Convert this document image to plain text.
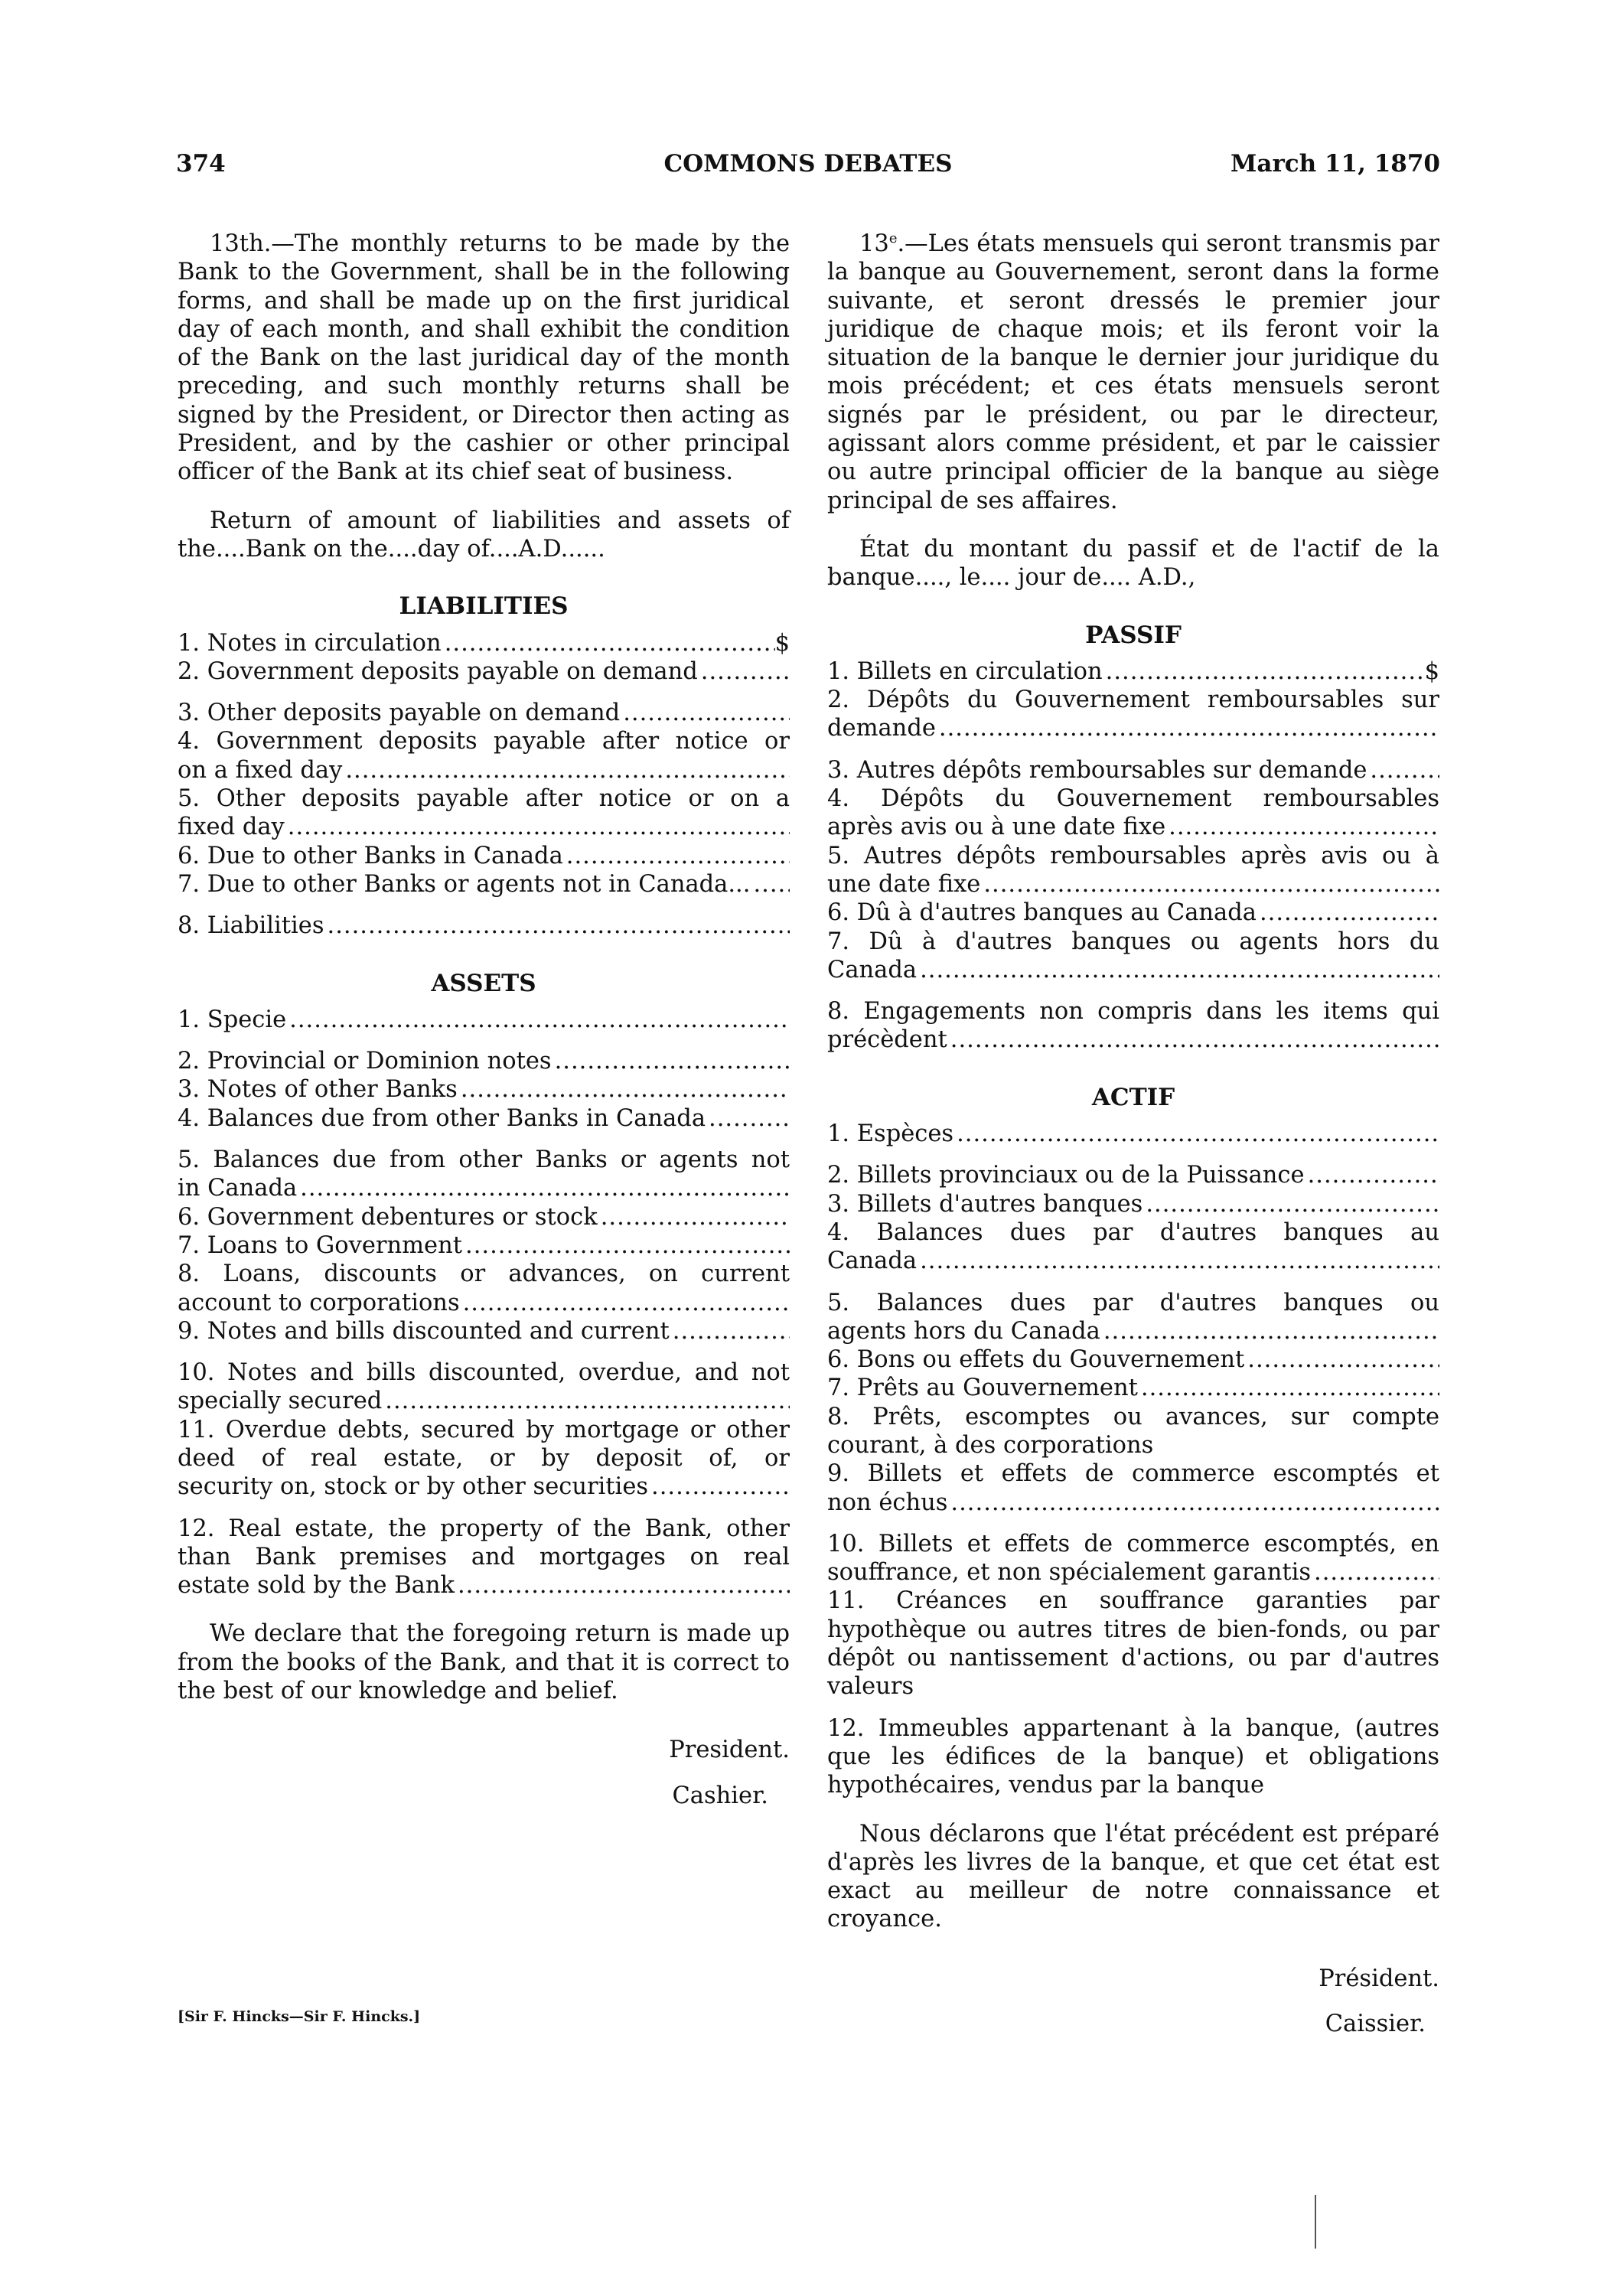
374	COMMONS DEBATES	March 11, 1870

13th.—The monthly returns to be made by the Bank to the Government, shall be in the following forms, and shall be made up on the first juridical day of each month, and shall exhibit the condition of the Bank on the last juridical day of the month preceding, and such monthly returns shall be signed by the President, or Director then acting as President, and by the cashier or other principal officer of the Bank at its chief seat of business.

Return of amount of liabilities and assets of the....Bank on the....day of....A.D......

LIABILITIES
1. Notes in circulation .....	$
2. Government deposits payable on demand
.....
3. Other deposits payable on demand
.....
4. Government deposits payable after notice or
on a fixed day
.....
5. Other deposits payable after notice or on a
fixed day
.....
6. Due to other Banks in Canada
.....
7. Due to other Banks or agents not in Canada...
.....
8. Liabilities
.....
ASSETS
1. Specie
.....
2. Provincial or Dominion notes
.....
3. Notes of other Banks
.....
4. Balances due from other Banks in Canada
.....
5. Balances due from other Banks or agents not
in Canada
.....
6. Government debentures or stock
.....
7. Loans to Government
.....
8. Loans, discounts or advances, on current
account to corporations
.....
9. Notes and bills discounted and current
.....
10. Notes and bills discounted, overdue, and not
specially secured
.....
11. Overdue debts, secured by mortgage or other deed of real estate, or by deposit of, or
security on, stock or by other securities
.....
12. Real estate, the property of the Bank, other than Bank premises and mortgages on real
estate sold by the Bank
.....

We declare that the foregoing return is made up from the books of the Bank, and that it is correct to the best of our knowledge and belief.

President.
Cashier.

13e.—Les états mensuels qui seront transmis par la banque au Gouvernement, seront dans la forme suivante, et seront dressés le premier jour juridique de chaque mois; et ils feront voir la situation de la banque le dernier jour juridique du mois précédent; et ces états mensuels seront signés par le président, ou par le directeur, agissant alors comme président, et par le caissier ou autre principal officier de la banque au siège principal de ses affaires.

État du montant du passif et de l'actif de la banque...., le.... jour de.... A.D.,

PASSIF
1. Billets en circulation .....	$
2. Dépôts du Gouvernement remboursables sur
demande
.....
3. Autres dépôts remboursables sur demande
.....
4. Dépôts du Gouvernement remboursables
après avis ou à une date fixe
.....
5. Autres dépôts remboursables après avis ou à
une date fixe
.....
6. Dû à d'autres banques au Canada
.....
7. Dû à d'autres banques ou agents hors du
Canada
.....
8. Engagements non compris dans les items qui
précèdent
.....
ACTIF
1. Espèces
.....
2. Billets provinciaux ou de la Puissance
.....
3. Billets d'autres banques
.....
4. Balances dues par d'autres banques au
Canada
.....
5. Balances dues par d'autres banques ou
agents hors du Canada
.....
6. Bons ou effets du Gouvernement
.....
7. Prêts au Gouvernement
.....
8. Prêts, escomptes ou avances, sur compte courant, à des corporations
9. Billets et effets de commerce escomptés et
non échus
.....
10. Billets et effets de commerce escomptés, en
souffrance, et non spécialement garantis
.....
11. Créances en souffrance garanties par hypothèque ou autres titres de bien-fonds, ou par dépôt ou nantissement d'actions, ou par d'autres valeurs
12. Immeubles appartenant à la banque, (autres que les édifices de la banque) et obligations hypothécaires, vendus par la banque

Nous déclarons que l'état précédent est préparé d'après les livres de la banque, et que cet état est exact au meilleur de notre connaissance et croyance.

Président.
Caissier.
[Sir F. Hincks—Sir F. Hincks.]
